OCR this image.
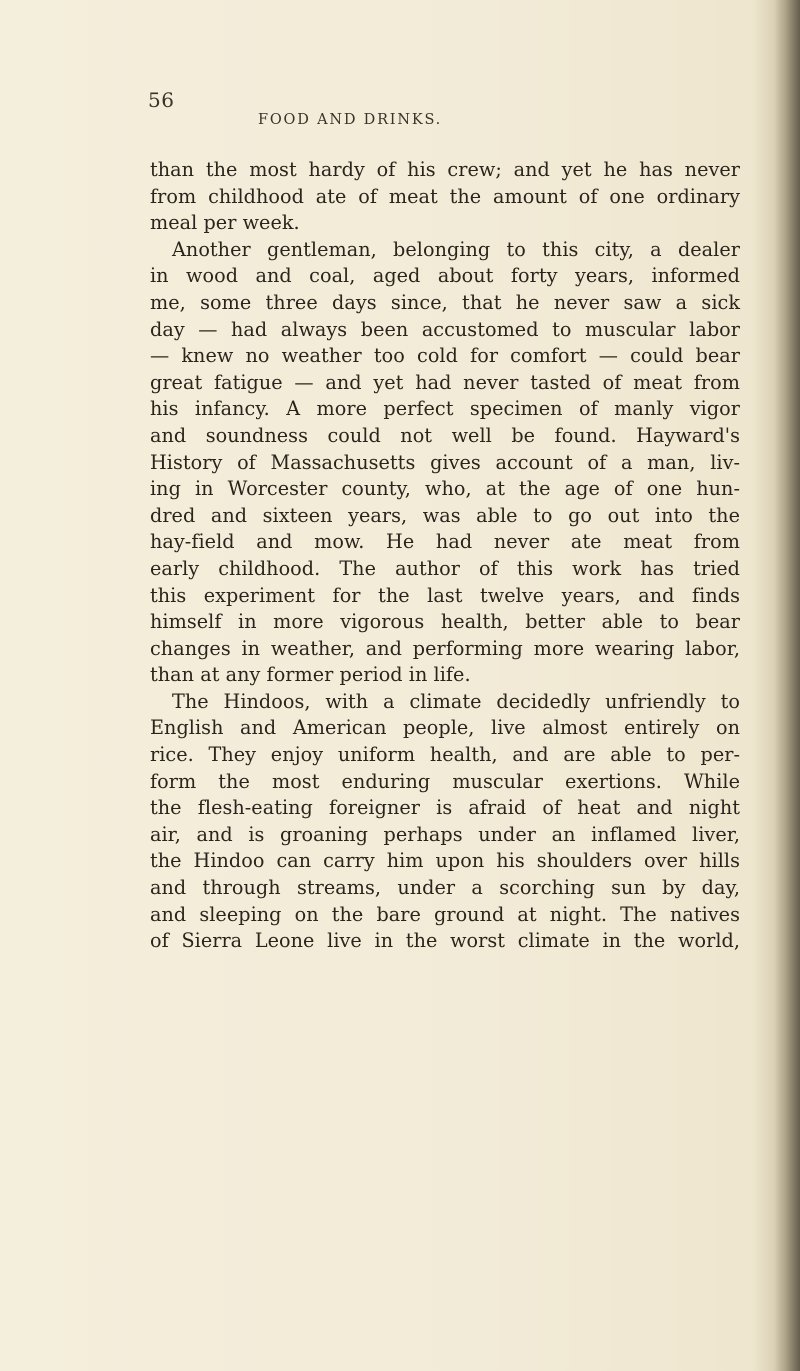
56
FOOD AND DRINKS.
than the most hardy of his crew; and yet he has never
from childhood ate of meat the amount of one ordinary
meal per week.
Another gentleman, belonging to this city, a dealer
in wood and coal, aged about forty years, informed
me, some three days since, that he never saw a sick
day — had always been accustomed to muscular labor
— knew no weather too cold for comfort — could bear
great fatigue — and yet had never tasted of meat from
his infancy. A more perfect specimen of manly vigor
and soundness could not well be found. Hayward's
History of Massachusetts gives account of a man, liv-
ing in Worcester county, who, at the age of one hun-
dred and sixteen years, was able to go out into the
hay-field and mow. He had never ate meat from
early childhood. The author of this work has tried
this experiment for the last twelve years, and finds
himself in more vigorous health, better able to bear
changes in weather, and performing more wearing labor,
than at any former period in life.
The Hindoos, with a climate decidedly unfriendly to
English and American people, live almost entirely on
rice. They enjoy uniform health, and are able to per-
form the most enduring muscular exertions. While
the flesh-eating foreigner is afraid of heat and night
air, and is groaning perhaps under an inflamed liver,
the Hindoo can carry him upon his shoulders over hills
and through streams, under a scorching sun by day,
and sleeping on the bare ground at night. The natives
of Sierra Leone live in the worst climate in the world,
